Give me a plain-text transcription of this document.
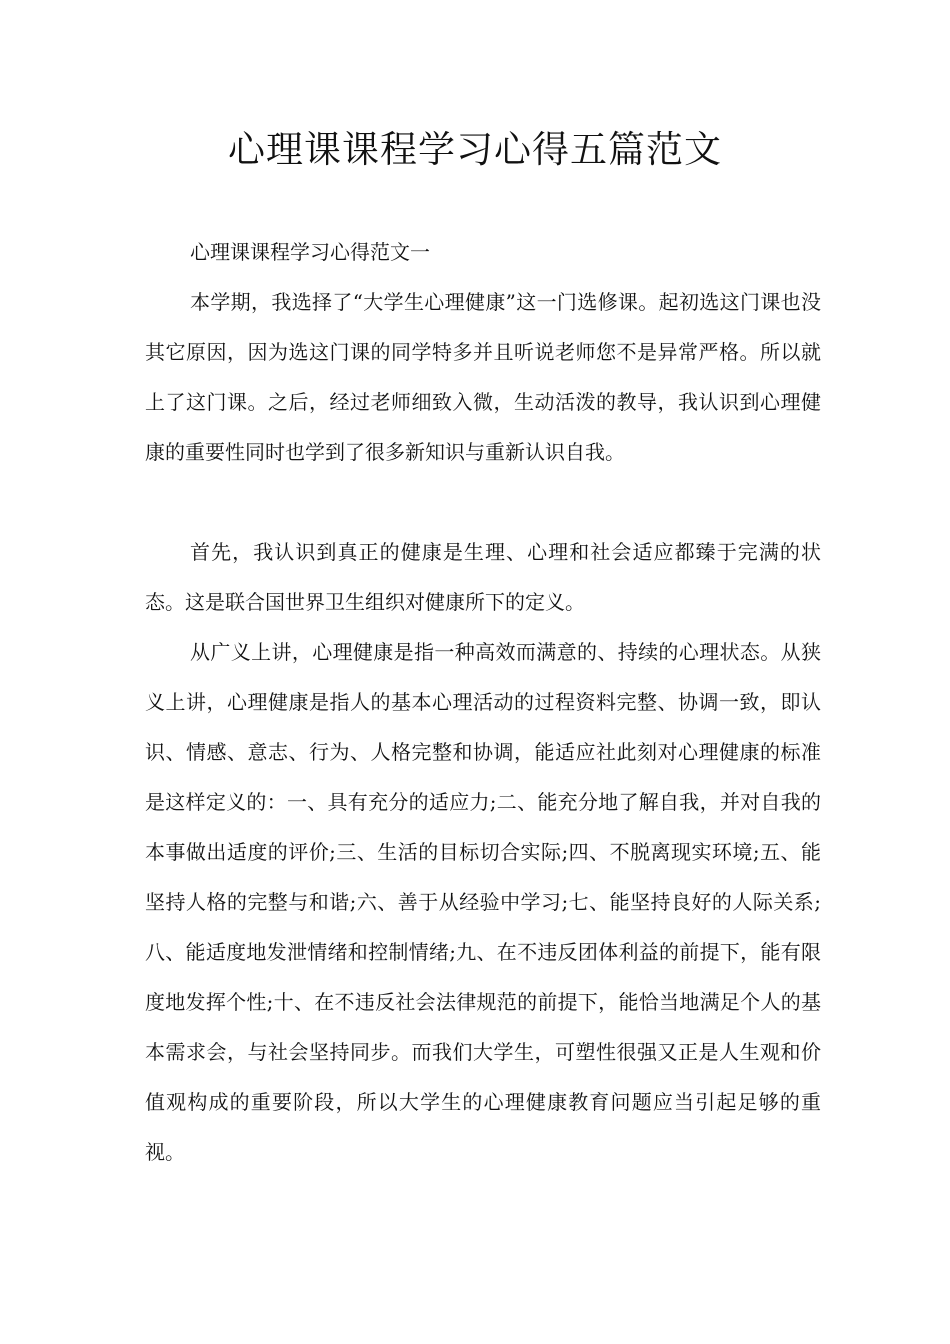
心理课课程学习心得五篇范文

心理课课程学习心得范文一

本学期，我选择了“大学生心理健康”这一门选修课。起初选这门课也没其它原因，因为选这门课的同学特多并且听说老师您不是异常严格。所以就上了这门课。之后，经过老师细致入微，生动活泼的教导，我认识到心理健康的重要性同时也学到了很多新知识与重新认识自我。

首先，我认识到真正的健康是生理、心理和社会适应都臻于完满的状态。这是联合国世界卫生组织对健康所下的定义。

从广义上讲，心理健康是指一种高效而满意的、持续的心理状态。从狭义上讲，心理健康是指人的基本心理活动的过程资料完整、协调一致，即认识、情感、意志、行为、人格完整和协调，能适应社此刻对心理健康的标准是这样定义的：一、具有充分的适应力;二、能充分地了解自我，并对自我的本事做出适度的评价;三、生活的目标切合实际;四、不脱离现实环境;五、能坚持人格的完整与和谐;六、善于从经验中学习;七、能坚持良好的人际关系;八、能适度地发泄情绪和控制情绪;九、在不违反团体利益的前提下，能有限度地发挥个性;十、在不违反社会法律规范的前提下，能恰当地满足个人的基本需求会，与社会坚持同步。而我们大学生，可塑性很强又正是人生观和价值观构成的重要阶段，所以大学生的心理健康教育问题应当引起足够的重视。
